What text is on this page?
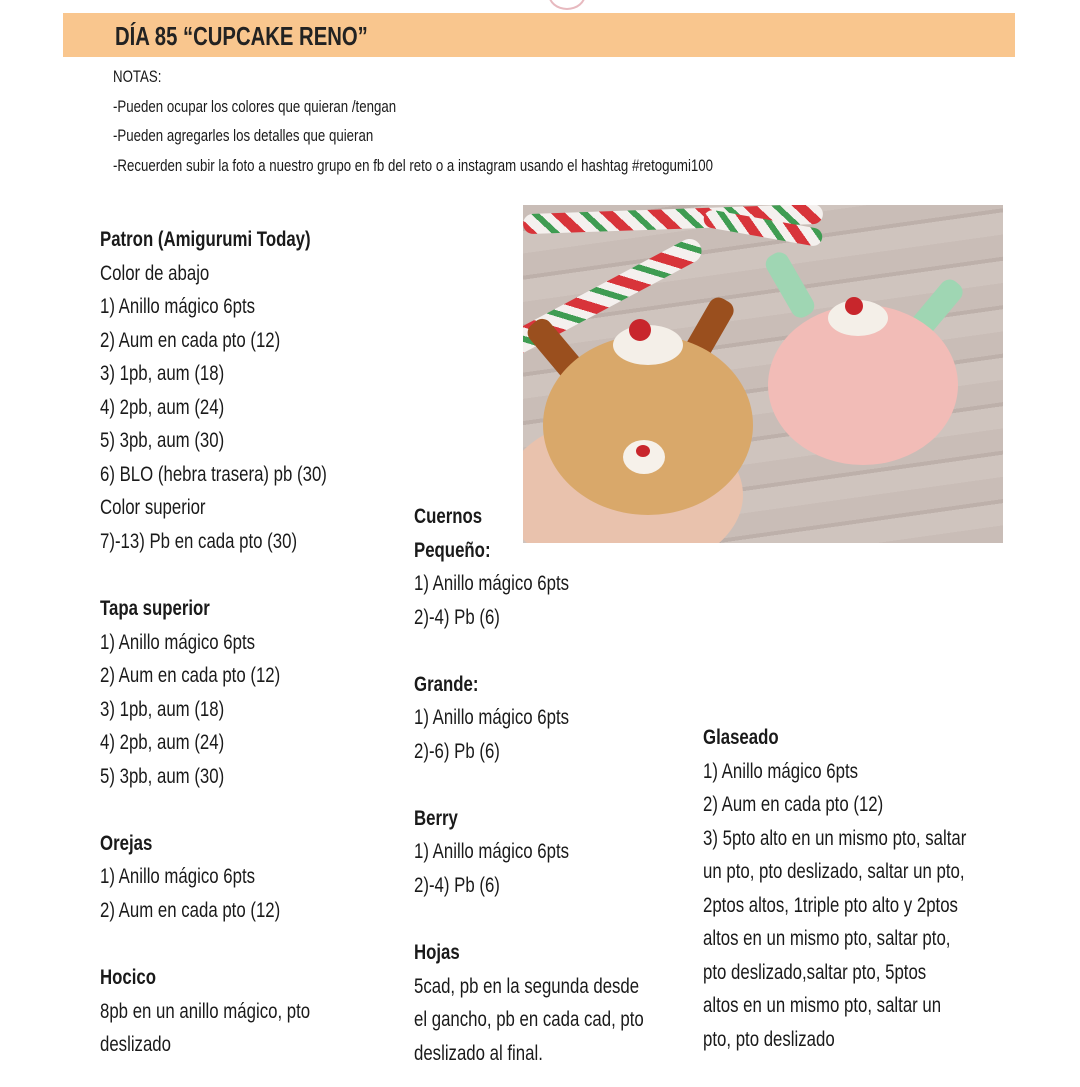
DÍA 85 “CUPCAKE RENO”
NOTAS:
-Pueden ocupar los colores que quieran /tengan
-Pueden agregarles los detalles que quieran
-Recuerden subir la foto a nuestro grupo en fb del reto o a instagram usando el hashtag #retogumi100
Patron (Amigurumi Today)
Color de abajo
1) Anillo mágico 6pts
2) Aum en cada pto (12)
3) 1pb, aum (18)
4) 2pb, aum (24)
5) 3pb, aum (30)
6) BLO (hebra trasera) pb (30)
Color superior
7)-13) Pb en cada pto (30)
Tapa superior
1) Anillo mágico 6pts
2) Aum en cada pto (12)
3) 1pb, aum (18)
4) 2pb, aum (24)
5) 3pb, aum (30)
Orejas
1) Anillo mágico 6pts
2) Aum en cada pto (12)
Hocico
8pb en un anillo mágico, pto
deslizado
Cuernos
Pequeño:
1) Anillo mágico 6pts
2)-4) Pb (6)
Grande:
1) Anillo mágico 6pts
2)-6) Pb (6)
Berry
1) Anillo mágico 6pts
2)-4) Pb (6)
Hojas
5cad, pb en la segunda desde
el gancho, pb en cada cad, pto
deslizado al final.
Glaseado
1) Anillo mágico 6pts
2) Aum en cada pto (12)
3) 5pto alto en un mismo pto, saltar
un pto, pto deslizado, saltar un pto,
2ptos altos, 1triple pto alto y 2ptos
altos en un mismo pto, saltar pto,
pto deslizado,saltar pto, 5ptos
altos en un mismo pto, saltar un
pto, pto deslizado
